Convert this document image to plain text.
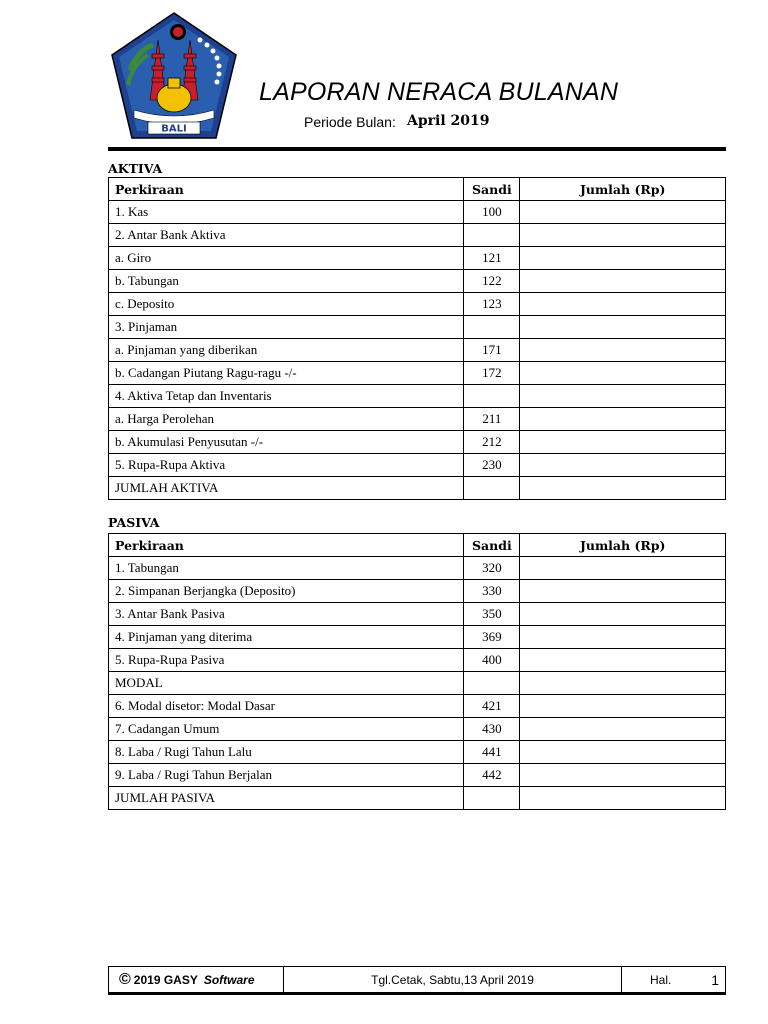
BALI
LAPORAN NERACA BULANAN
Periode Bulan: April 2019
AKTIVA
Perkiraan	Sandi	Jumlah (Rp)
1. Kas	100	
2. Antar Bank Aktiva		
a. Giro	121	
b. Tabungan	122	
c. Deposito	123	
3. Pinjaman		
a. Pinjaman yang diberikan	171	
b. Cadangan Piutang Ragu-ragu -/-	172	
4. Aktiva Tetap dan Inventaris		
a. Harga Perolehan	211	
b. Akumulasi Penyusutan -/-	212	
5. Rupa-Rupa Aktiva	230	
JUMLAH AKTIVA		
PASIVA
Perkiraan	Sandi	Jumlah (Rp)
1. Tabungan	320	
2. Simpanan Berjangka (Deposito)	330	
3. Antar Bank Pasiva	350	
4. Pinjaman yang diterima	369	
5. Rupa-Rupa Pasiva	400	
MODAL		
6. Modal disetor: Modal Dasar	421	
7. Cadangan Umum	430	
8. Laba / Rugi Tahun Lalu	441	
9. Laba / Rugi Tahun Berjalan	442	
JUMLAH PASIVA		
© 2019 GASY Software	Tgl.Cetak, Sabtu,13 April 2019	Hal.	1
